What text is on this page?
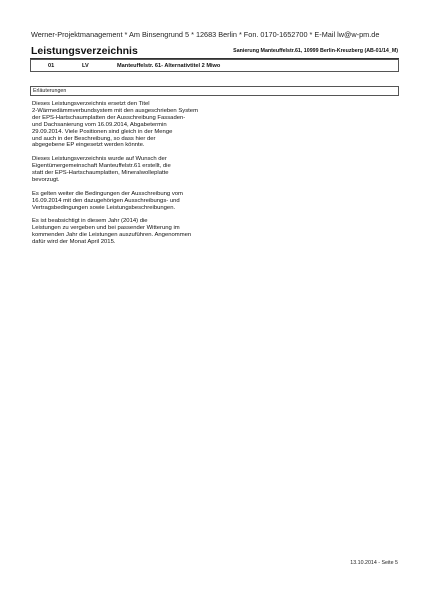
Werner-Projektmanagement * Am Binsengrund 5 * 12683 Berlin * Fon. 0170-1652700 * E-Mail lw@w-pm.de
Leistungsverzeichnis	Sanierung Manteuffelstr.61, 10999 Berlin-Kreuzberg (AB-01/14_M)
01	LV	Manteuffelstr. 61- Alternativtitel 2 Miwo
Erläuterungen

Dieses Leistungsverzeichnis ersetzt den Titel
2-Wärmedämmverbundsystem mit den ausgeschrieben System
der EPS-Hartschaumplatten der Ausschreibung Fassaden-
und Dachsanierung vom 16.09.2014, Abgabetermin
29.09.2014. Viele Positionen sind gleich in der Menge
und auch in der Beschreibung, so dass hier der
abgegebene EP eingesetzt werden könnte.

Dieses Leistungsverzeichnis wurde auf Wunsch der
Eigentümergemeinschaft Manteuffelstr.61 erstellt, die
statt der EPS-Hartschaumplatten, Mineralwolleplatte
bevorzugt.

Es gelten weiter die Bedingungen der Ausschreibung vom
16.09.2014 mit den dazugehörigen Ausschreibungs- und
Vertragsbedingungen sowie Leistungsbeschreibungen.

Es ist beabsichtigt in diesem Jahr (2014) die
Leistungen zu vergeben und bei passender Witterung im
kommenden Jahr die Leistungen auszuführen. Angenommen
dafür wird der Monat April 2015.

13.10.2014 - Seite 5
